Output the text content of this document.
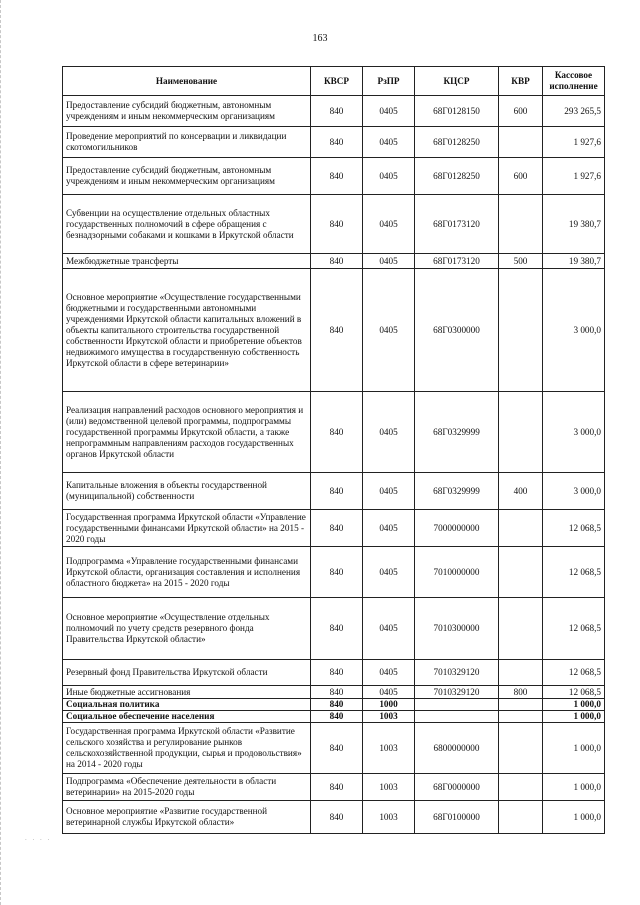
163
Наименование	КВСР	РзПР	КЦСР	КВР	Кассовое исполнение
Предоставление субсидий бюджетным, автономным учреждениям и иным некоммерческим организациям	840	0405	68Г0128150	600	293 265,5
Проведение мероприятий по консервации и ликвидации скотомогильников	840	0405	68Г0128250		1 927,6
Предоставление субсидий бюджетным, автономным учреждениям и иным некоммерческим организациям	840	0405	68Г0128250	600	1 927,6
Субвенции на осуществление отдельных областных государственных полномочий в сфере обращения с безнадзорными собаками и кошками в Иркутской области	840	0405	68Г0173120		19 380,7
Межбюджетные трансферты	840	0405	68Г0173120	500	19 380,7
Основное мероприятие «Осуществление государственными бюджетными и государственными автономными учреждениями Иркутской области капитальных вложений в объекты капитального строительства государственной собственности Иркутской области и приобретение объектов недвижимого имущества в государственную собственность Иркутской области в сфере ветеринарии»	840	0405	68Г0300000		3 000,0
Реализация направлений расходов основного мероприятия и (или) ведомственной целевой программы, подпрограммы государственной программы Иркутской области, а также непрограммным направлениям расходов государственных органов Иркутской области	840	0405	68Г0329999		3 000,0
Капитальные вложения в объекты государственной (муниципальной) собственности	840	0405	68Г0329999	400	3 000,0
Государственная программа Иркутской области «Управление государственными финансами Иркутской области» на 2015 - 2020 годы	840	0405	7000000000		12 068,5
Подпрограмма «Управление государственными финансами Иркутской области, организация составления и исполнения областного бюджета» на 2015 - 2020 годы	840	0405	7010000000		12 068,5
Основное мероприятие «Осуществление отдельных полномочий по учету средств резервного фонда Правительства Иркутской области»	840	0405	7010300000		12 068,5
Резервный фонд Правительства Иркутской области	840	0405	7010329120		12 068,5
Иные бюджетные ассигнования	840	0405	7010329120	800	12 068,5
Социальная политика	840	1000			1 000,0
Социальное обеспечение населения	840	1003			1 000,0
Государственная программа Иркутской области «Развитие сельского хозяйства и регулирование рынков сельскохозяйственной продукции, сырья и продовольствия» на 2014 - 2020 годы	840	1003	6800000000		1 000,0
Подпрограмма «Обеспечение деятельности в области ветеринарии» на 2015-2020 годы	840	1003	68Г0000000		1 000,0
Основное мероприятие «Развитие государственной ветеринарной службы Иркутской области»	840	1003	68Г0100000		1 000,0
. . . .
